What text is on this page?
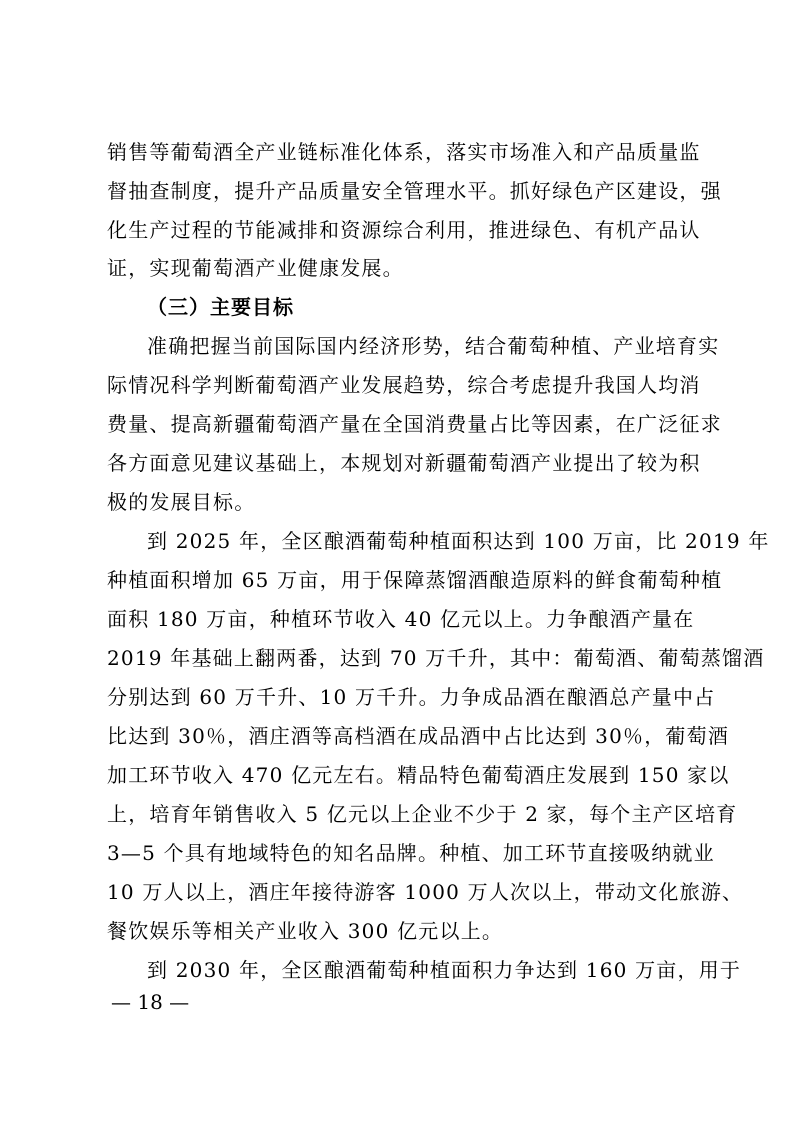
销售等葡萄酒全产业链标准化体系，落实市场准入和产品质量监
督抽查制度，提升产品质量安全管理水平。抓好绿色产区建设，强
化生产过程的节能减排和资源综合利用，推进绿色、有机产品认
证，实现葡萄酒产业健康发展。
（三）主要目标
准确把握当前国际国内经济形势，结合葡萄种植、产业培育实
际情况科学判断葡萄酒产业发展趋势，综合考虑提升我国人均消
费量、提高新疆葡萄酒产量在全国消费量占比等因素，在广泛征求
各方面意见建议基础上，本规划对新疆葡萄酒产业提出了较为积
极的发展目标。
到 2025 年，全区酿酒葡萄种植面积达到 100 万亩，比 2019 年
种植面积增加 65 万亩，用于保障蒸馏酒酿造原料的鲜食葡萄种植
面积 180 万亩，种植环节收入 40 亿元以上。力争酿酒产量在
2019 年基础上翻两番，达到 70 万千升，其中：葡萄酒、葡萄蒸馏酒
分别达到 60 万千升、10 万千升。力争成品酒在酿酒总产量中占
比达到 30％，酒庄酒等高档酒在成品酒中占比达到 30％，葡萄酒
加工环节收入 470 亿元左右。精品特色葡萄酒庄发展到 150 家以
上，培育年销售收入 5 亿元以上企业不少于 2 家，每个主产区培育
3—5 个具有地域特色的知名品牌。种植、加工环节直接吸纳就业
10 万人以上，酒庄年接待游客 1000 万人次以上，带动文化旅游、
餐饮娱乐等相关产业收入 300 亿元以上。
到 2030 年，全区酿酒葡萄种植面积力争达到 160 万亩，用于
— 18 —
